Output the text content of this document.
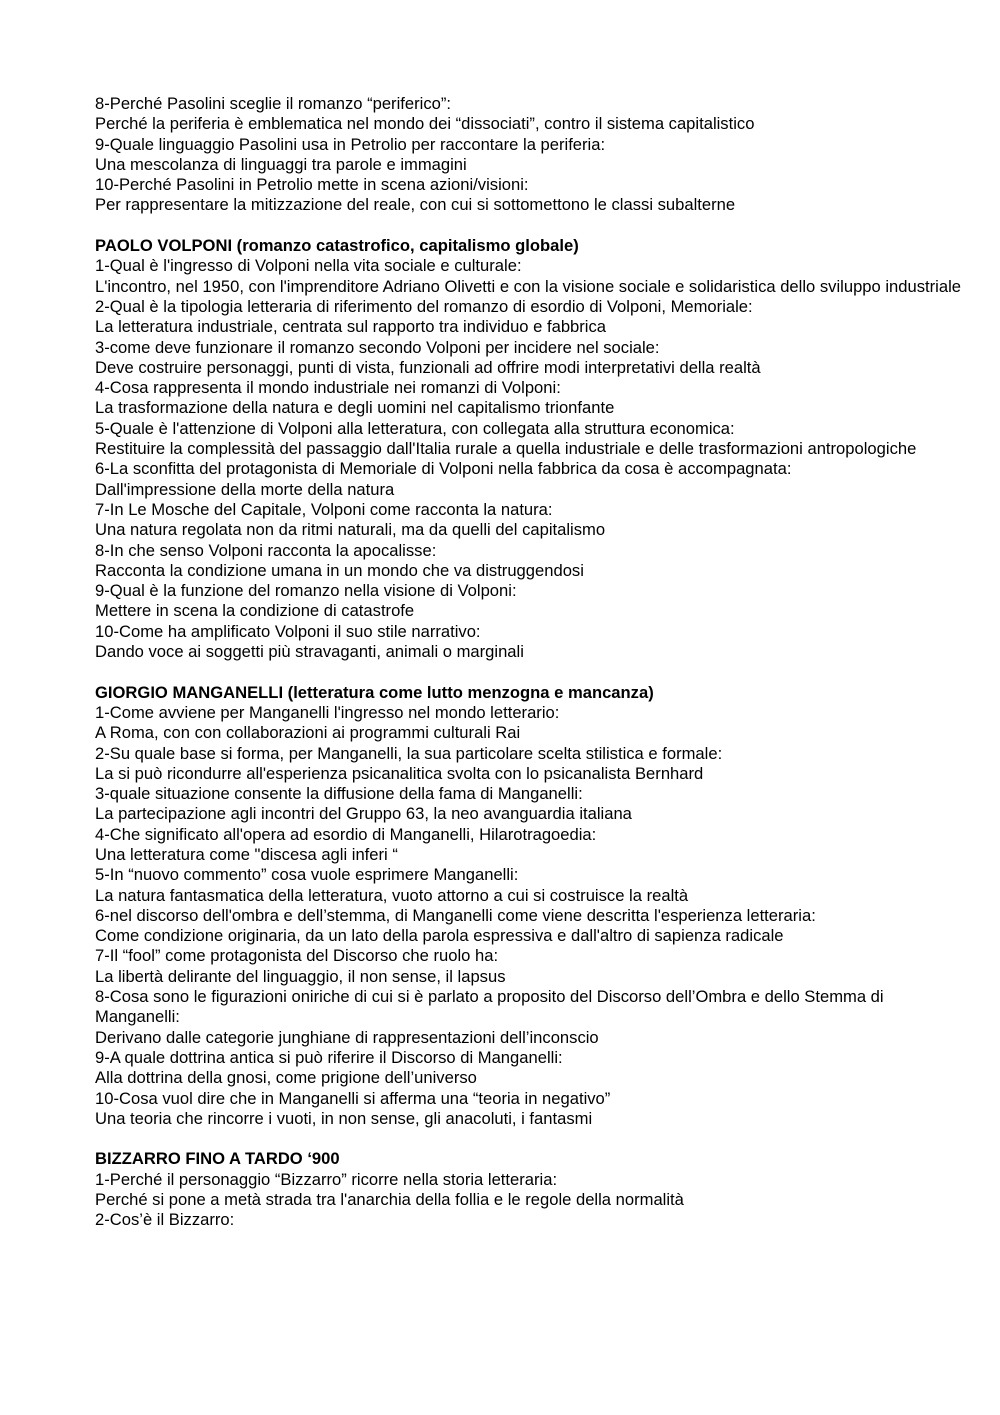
8-Perché Pasolini sceglie il romanzo “periferico”:
Perché la periferia è emblematica nel mondo dei “dissociati”, contro il sistema capitalistico
9-Quale linguaggio Pasolini usa in Petrolio per raccontare la periferia:
Una mescolanza di linguaggi tra parole e immagini
10-Perché Pasolini in Petrolio mette in scena azioni/visioni:
Per rappresentare la mitizzazione del reale, con cui si sottomettono le classi subalterne
PAOLO VOLPONI (romanzo catastrofico, capitalismo globale)
1-Qual è l'ingresso di Volponi nella vita sociale e culturale:
L'incontro, nel 1950, con l'imprenditore Adriano Olivetti e con la visione sociale e solidaristica dello sviluppo industriale
2-Qual è la tipologia letteraria di riferimento del romanzo di esordio di Volponi, Memoriale:
La letteratura industriale, centrata sul rapporto tra individuo e fabbrica
3-come deve funzionare il romanzo secondo Volponi per incidere nel sociale:
Deve costruire personaggi, punti di vista, funzionali ad offrire modi interpretativi della realtà
4-Cosa rappresenta il mondo industriale nei romanzi di Volponi:
La trasformazione della natura e degli uomini nel capitalismo trionfante
5-Quale è l'attenzione di Volponi alla letteratura, con collegata alla struttura economica:
Restituire la complessità del passaggio dall'Italia rurale a quella industriale e delle trasformazioni antropologiche
6-La sconfitta del protagonista di Memoriale di Volponi nella fabbrica da cosa è accompagnata:
Dall'impressione della morte della natura
7-In Le Mosche del Capitale, Volponi come racconta la natura:
Una natura regolata non da ritmi naturali, ma da quelli del capitalismo
8-In che senso Volponi racconta la apocalisse:
Racconta la condizione umana in un mondo che va distruggendosi
9-Qual è la funzione del romanzo nella visione di Volponi:
Mettere in scena la condizione di catastrofe
10-Come ha amplificato Volponi il suo stile narrativo:
Dando voce ai soggetti più stravaganti, animali o marginali
GIORGIO MANGANELLI (letteratura come lutto menzogna e mancanza)
1-Come avviene per Manganelli l'ingresso nel mondo letterario:
A Roma, con con collaborazioni ai programmi culturali Rai
2-Su quale base si forma, per Manganelli, la sua particolare scelta stilistica e formale:
La si può ricondurre all'esperienza psicanalitica svolta con lo psicanalista Bernhard
3-quale situazione consente la diffusione della fama di Manganelli:
La partecipazione agli incontri del Gruppo 63, la neo avanguardia italiana
4-Che significato all'opera ad esordio di Manganelli, Hilarotragoedia:
Una letteratura come "discesa agli inferi “
5-In “nuovo commento” cosa vuole esprimere Manganelli:
La natura fantasmatica della letteratura, vuoto attorno a cui si costruisce la realtà
6-nel discorso dell'ombra e dell’stemma, di Manganelli come viene descritta l'esperienza letteraria:
Come condizione originaria, da un lato della parola espressiva e dall'altro di sapienza radicale
7-Il “fool” come protagonista del Discorso che ruolo ha:
La libertà delirante del linguaggio, il non sense, il lapsus
8-Cosa sono le figurazioni oniriche di cui si è parlato a proposito del Discorso dell’Ombra e dello Stemma di Manganelli:
Derivano dalle categorie junghiane di rappresentazioni dell’inconscio
9-A quale dottrina antica si può riferire il Discorso di Manganelli:
Alla dottrina della gnosi, come prigione dell’universo
10-Cosa vuol dire che in Manganelli si afferma una “teoria in negativo”
Una teoria che rincorre i vuoti, in non sense, gli anacoluti, i fantasmi
BIZZARRO FINO A TARDO ‘900
1-Perché il personaggio “Bizzarro” ricorre nella storia letteraria:
Perché si pone a metà strada tra l'anarchia della follia e le regole della normalità
2-Cos’è il Bizzarro:
